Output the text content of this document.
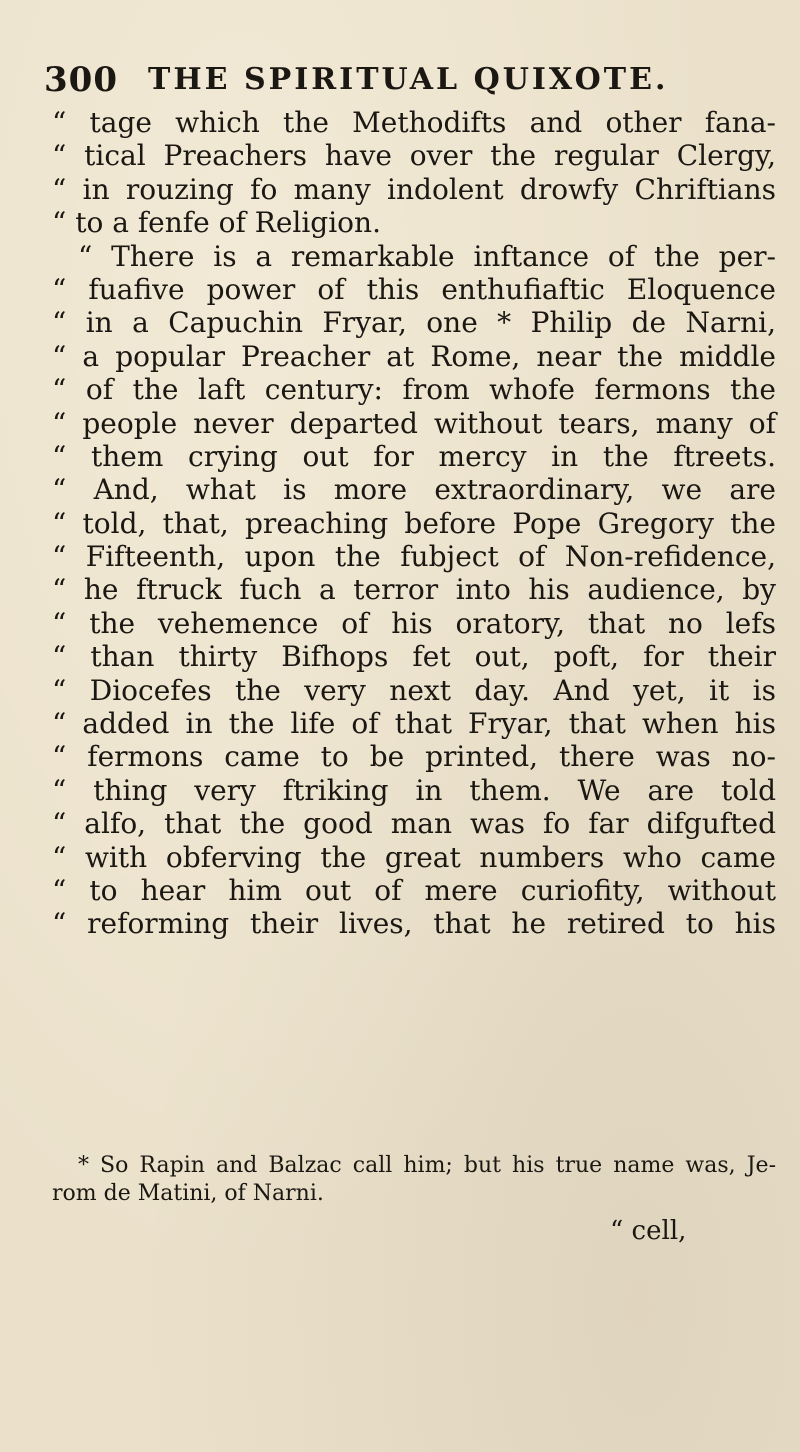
300 THE SPIRITUAL QUIXOTE.
“ tage which the Methodifts and other fana-
“ tical Preachers have over the regular Clergy,
“ in rouzing fo many indolent drowfy Chriftians
“ to a fenfe of Religion.
“ There is a remarkable inftance of the per-
“ fuafive power of this enthufiaftic Eloquence
“ in a Capuchin Fryar, one * Philip de Narni,
“ a popular Preacher at Rome, near the middle
“ of the laft century: from whofe fermons the
“ people never departed without tears, many of
“ them crying out for mercy in the ftreets.
“ And, what is more extraordinary, we are
“ told, that, preaching before Pope Gregory the
“ Fifteenth, upon the fubject of Non-refidence,
“ he ftruck fuch a terror into his audience, by
“ the vehemence of his oratory, that no lefs
“ than thirty Bifhops fet out, poft, for their
“ Diocefes the very next day. And yet, it is
“ added in the life of that Fryar, that when his
“ fermons came to be printed, there was no-
“ thing very ftriking in them. We are told
“ alfo, that the good man was fo far difgufted
“ with obferving the great numbers who came
“ to hear him out of mere curiofity, without
“ reforming their lives, that he retired to his
* So Rapin and Balzac call him; but his true name was, Je-
rom de Matini, of Narni.
“ cell,
